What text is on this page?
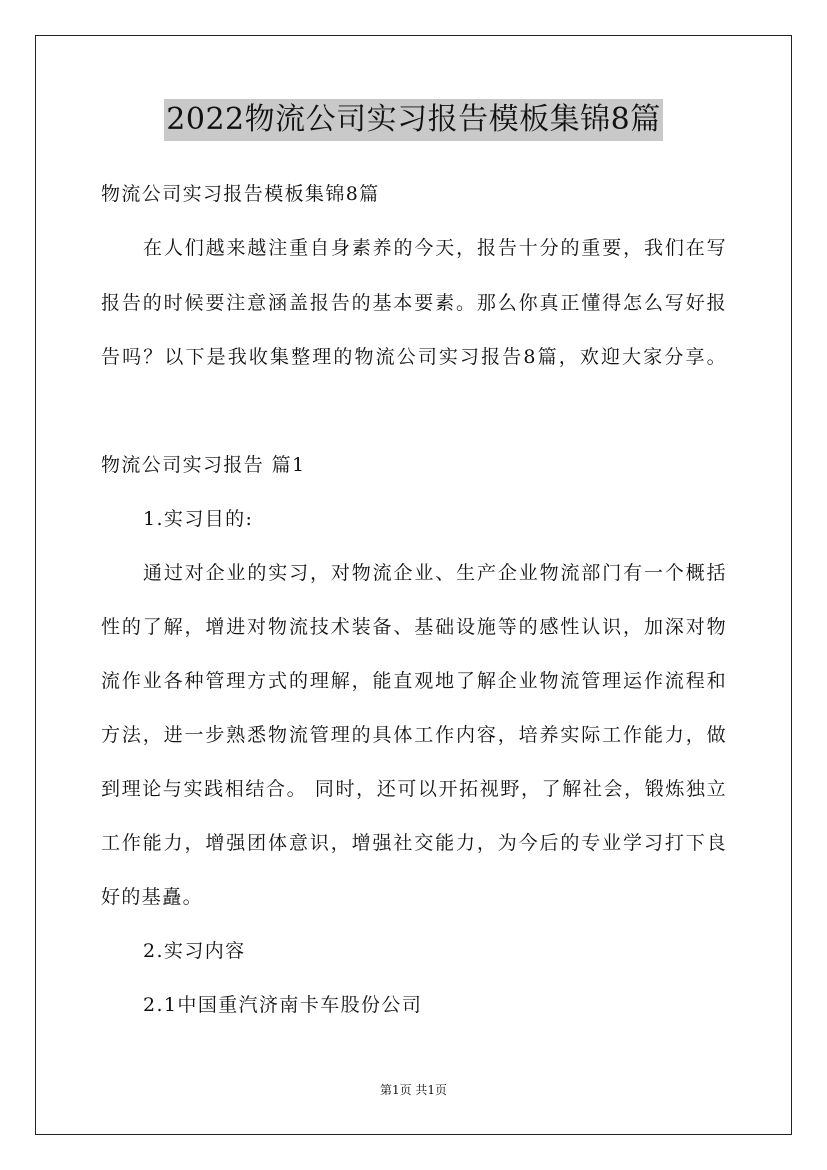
2022物流公司实习报告模板集锦8篇
物流公司实习报告模板集锦8篇
在人们越来越注重自身素养的今天，报告十分的重要，我们在写
报告的时候要注意涵盖报告的基本要素。那么你真正懂得怎么写好报
告吗？以下是我收集整理的物流公司实习报告8篇，欢迎大家分享。
物流公司实习报告 篇1
1.实习目的:
通过对企业的实习，对物流企业、生产企业物流部门有一个概括
性的了解，增进对物流技术装备、基础设施等的感性认识，加深对物
流作业各种管理方式的理解，能直观地了解企业物流管理运作流程和
方法，进一步熟悉物流管理的具体工作内容，培养实际工作能力，做
到理论与实践相结合。 同时，还可以开拓视野，了解社会，锻炼独立
工作能力，增强团体意识，增强社交能力，为今后的专业学习打下良
好的基矗。
2.实习内容
2.1中国重汽济南卡车股份公司
第1页 共1页
